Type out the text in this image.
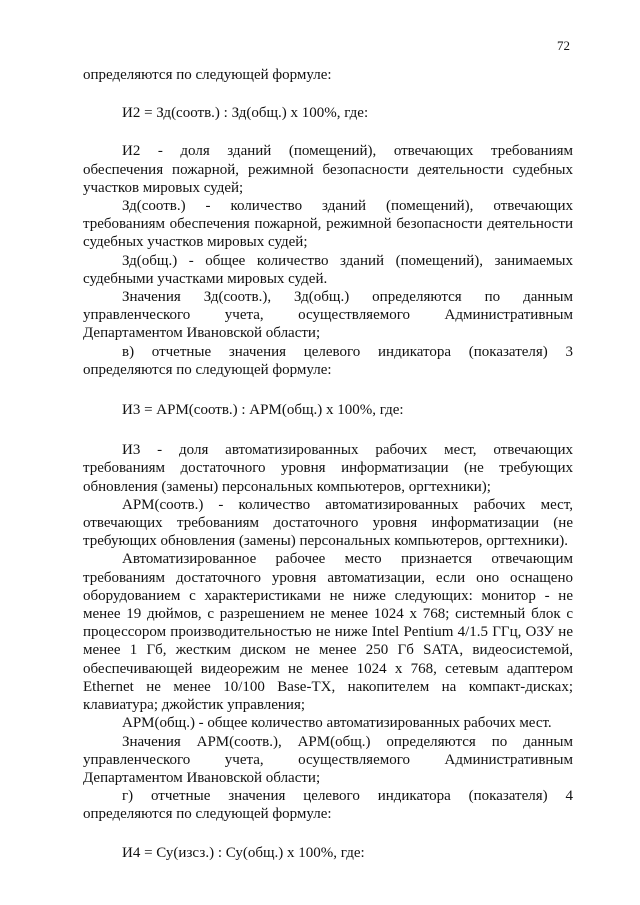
72

определяются по следующей формуле:

И2 = Зд(соотв.) : Зд(общ.) х 100%, где:

И2 - доля зданий (помещений), отвечающих требованиям обеспечения пожарной, режимной безопасности деятельности судебных участков мировых судей;

Зд(соотв.) - количество зданий (помещений), отвечающих требованиям обеспечения пожарной, режимной безопасности деятельности судебных участков мировых судей;

Зд(общ.) - общее количество зданий (помещений), занимаемых судебными участками мировых судей.

Значения Зд(соотв.), Зд(общ.) определяются по данным управленческого учета, осуществляемого Административным Департаментом Ивановской области;

в) отчетные значения целевого индикатора (показателя) 3 определяются по следующей формуле:

И3 = АРМ(соотв.) : АРМ(общ.) х 100%, где:

И3 - доля автоматизированных рабочих мест, отвечающих требованиям достаточного уровня информатизации (не требующих обновления (замены) персональных компьютеров, оргтехники);

АРМ(соотв.) - количество автоматизированных рабочих мест, отвечающих требованиям достаточного уровня информатизации (не требующих обновления (замены) персональных компьютеров, оргтехники).

Автоматизированное рабочее место признается отвечающим требованиям достаточного уровня автоматизации, если оно оснащено оборудованием с характеристиками не ниже следующих: монитор - не менее 19 дюймов, с разрешением не менее 1024 х 768; системный блок с процессором производительностью не ниже Intel Pentium 4/1.5 ГГц, ОЗУ не менее 1 Гб, жестким диском не менее 250 Гб SATA, видеосистемой, обеспечивающей видеорежим не менее 1024 х 768, сетевым адаптером Ethernet не менее 10/100 Base-TX, накопителем на компакт-дисках; клавиатура; джойстик управления;

АРМ(общ.) - общее количество автоматизированных рабочих мест.

Значения АРМ(соотв.), АРМ(общ.) определяются по данным управленческого учета, осуществляемого Административным Департаментом Ивановской области;

г) отчетные значения целевого индикатора (показателя) 4 определяются по следующей формуле:

И4 = Су(изсз.) : Су(общ.) х 100%, где:
